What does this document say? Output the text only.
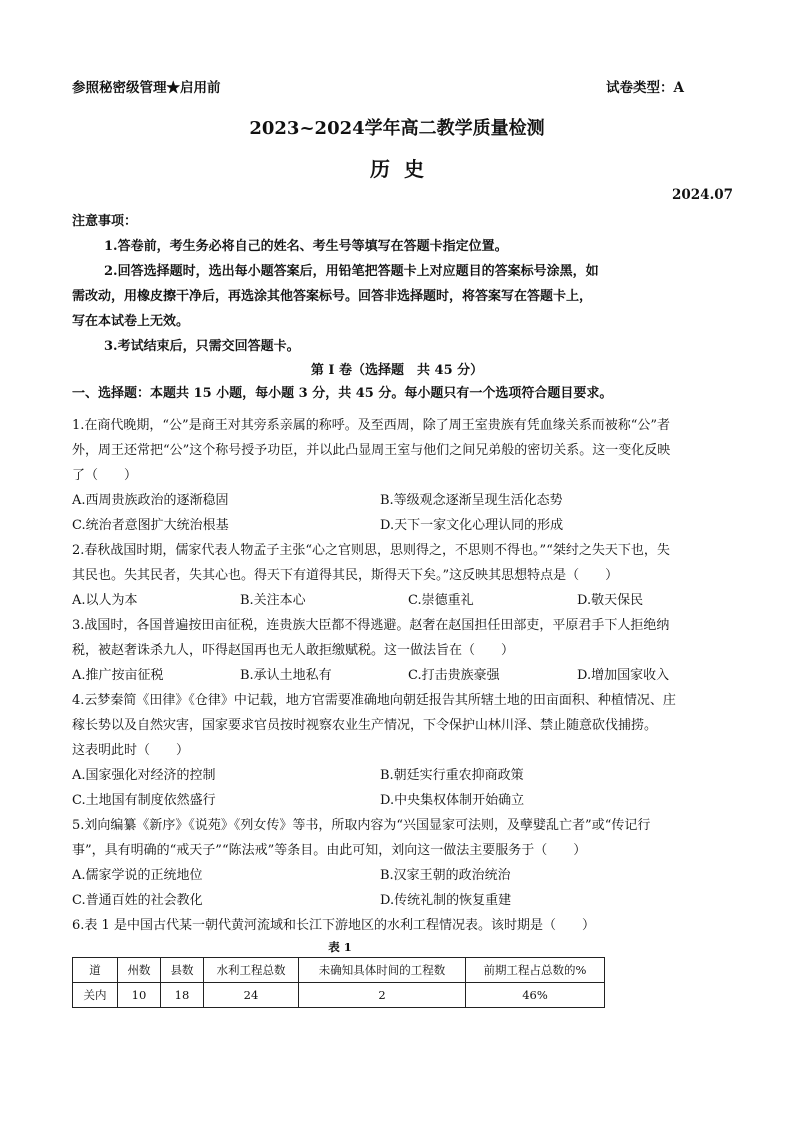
参照秘密级管理★启用前	试卷类型：A
2023~2024学年高二教学质量检测
历  史
2024.07
注意事项：
1.答卷前，考生务必将自己的姓名、考生号等填写在答题卡指定位置。
2.回答选择题时，选出每小题答案后，用铅笔把答题卡上对应题目的答案标号涂黑，如
需改动，用橡皮擦干净后，再选涂其他答案标号。回答非选择题时，将答案写在答题卡上，
写在本试卷上无效。
3.考试结束后，只需交回答题卡。
第 I 卷（选择题　共 45 分）
一、选择题：本题共 15 小题，每小题 3 分，共 45 分。每小题只有一个选项符合题目要求。
1.在商代晚期，“公”是商王对其旁系亲属的称呼。及至西周，除了周王室贵族有凭血缘关系而被称“公”者
外，周王还常把“公”这个称号授予功臣，并以此凸显周王室与他们之间兄弟般的密切关系。这一变化反映
了（　　）
A.西周贵族政治的逐渐稳固	B.等级观念逐渐呈现生活化态势
C.统治者意图扩大统治根基	D.天下一家文化心理认同的形成
2.春秋战国时期，儒家代表人物孟子主张“心之官则思，思则得之，不思则不得也。”“桀纣之失天下也，失
其民也。失其民者，失其心也。得天下有道得其民，斯得天下矣。”这反映其思想特点是（　　）
A.以人为本	B.关注本心	C.崇德重礼	D.敬天保民
3.战国时，各国普遍按田亩征税，连贵族大臣都不得逃避。赵奢在赵国担任田部吏，平原君手下人拒绝纳
税，被赵奢诛杀九人，吓得赵国再也无人敢拒缴赋税。这一做法旨在（　　）
A.推广按亩征税	B.承认土地私有	C.打击贵族豪强	D.增加国家收入
4.云梦秦简《田律》《仓律》中记载，地方官需要准确地向朝廷报告其所辖土地的田亩面积、种植情况、庄
稼长势以及自然灾害，国家要求官员按时视察农业生产情况，下令保护山林川泽、禁止随意砍伐捕捞。
这表明此时（　　）
A.国家强化对经济的控制	B.朝廷实行重农抑商政策
C.土地国有制度依然盛行	D.中央集权体制开始确立
5.刘向编纂《新序》《说苑》《列女传》等书，所取内容为“兴国显家可法则，及孽嬖乱亡者”或“传记行
事”，具有明确的“戒天子”“陈法戒”等条目。由此可知，刘向这一做法主要服务于（　　）
A.儒家学说的正统地位	B.汉家王朝的政治统治
C.普通百姓的社会教化	D.传统礼制的恢复重建
6.表 1 是中国古代某一朝代黄河流域和长江下游地区的水利工程情况表。该时期是（　　）
表 1
道	州数	县数	水利工程总数	未确知具体时间的工程数	前期工程占总数的%
关内	10	18	24	2	46%
